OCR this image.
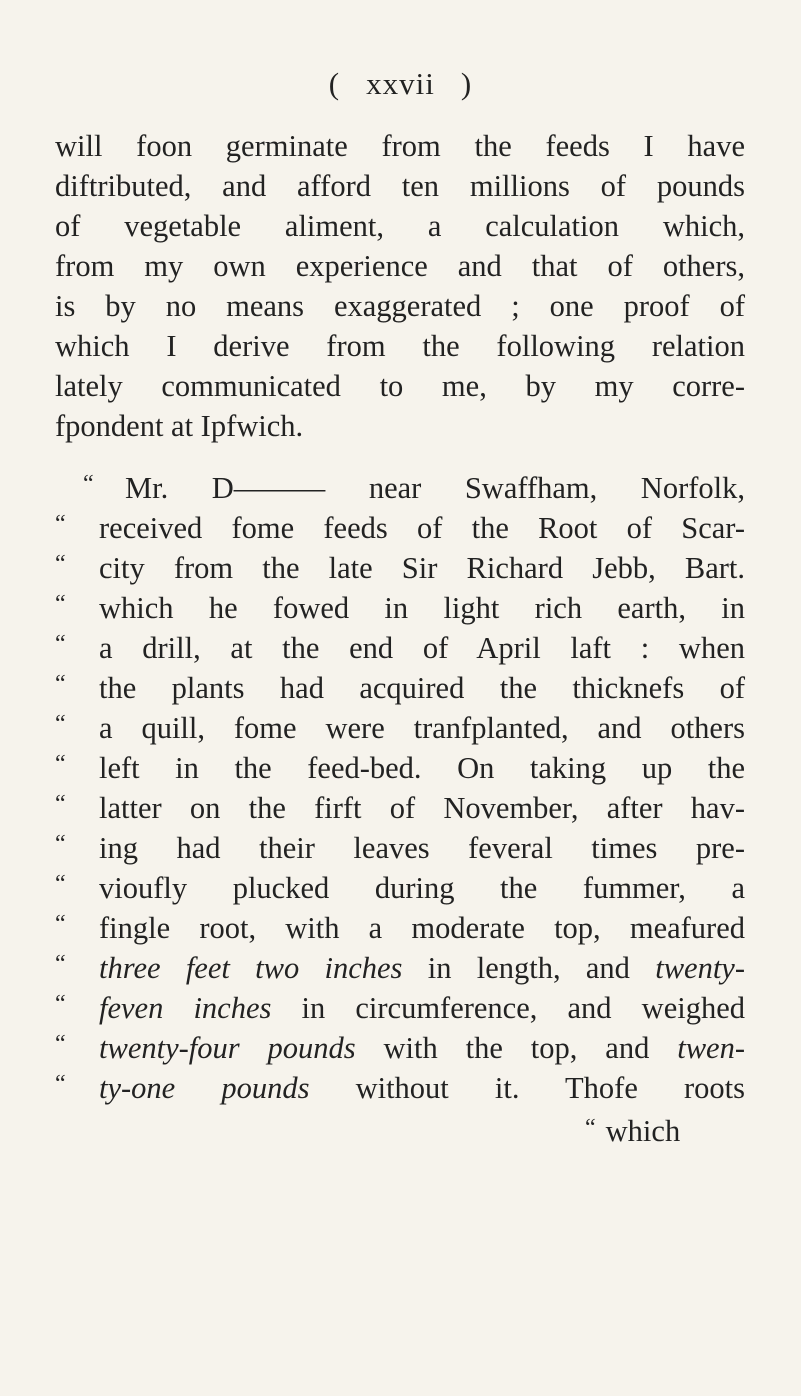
( xxvii )
will foon germinate from the feeds I have
diftributed, and afford ten millions of pounds
of vegetable aliment, a calculation which,
from my own experience and that of others,
is by no means exaggerated ; one proof of
which I derive from the following relation
lately communicated to me, by my corre-
fpondent at Ipfwich.
“ Mr. D——— near Swaffham, Norfolk,
“ received fome feeds of the Root of Scar-
“ city from the late Sir Richard Jebb, Bart.
“ which he fowed in light rich earth, in
“ a drill, at the end of April laft : when
“ the plants had acquired the thicknefs of
“ a quill, fome were tranfplanted, and others
“ left in the feed-bed. On taking up the
“ latter on the firft of November, after hav-
“ ing had their leaves feveral times pre-
“ vioufly plucked during the fummer, a
“ fingle root, with a moderate top, meafured
“ three feet two inches in length, and twenty-
“ feven inches in circumference, and weighed
“ twenty-four pounds with the top, and twen-
“ ty-one pounds without it. Thofe roots
“ which
